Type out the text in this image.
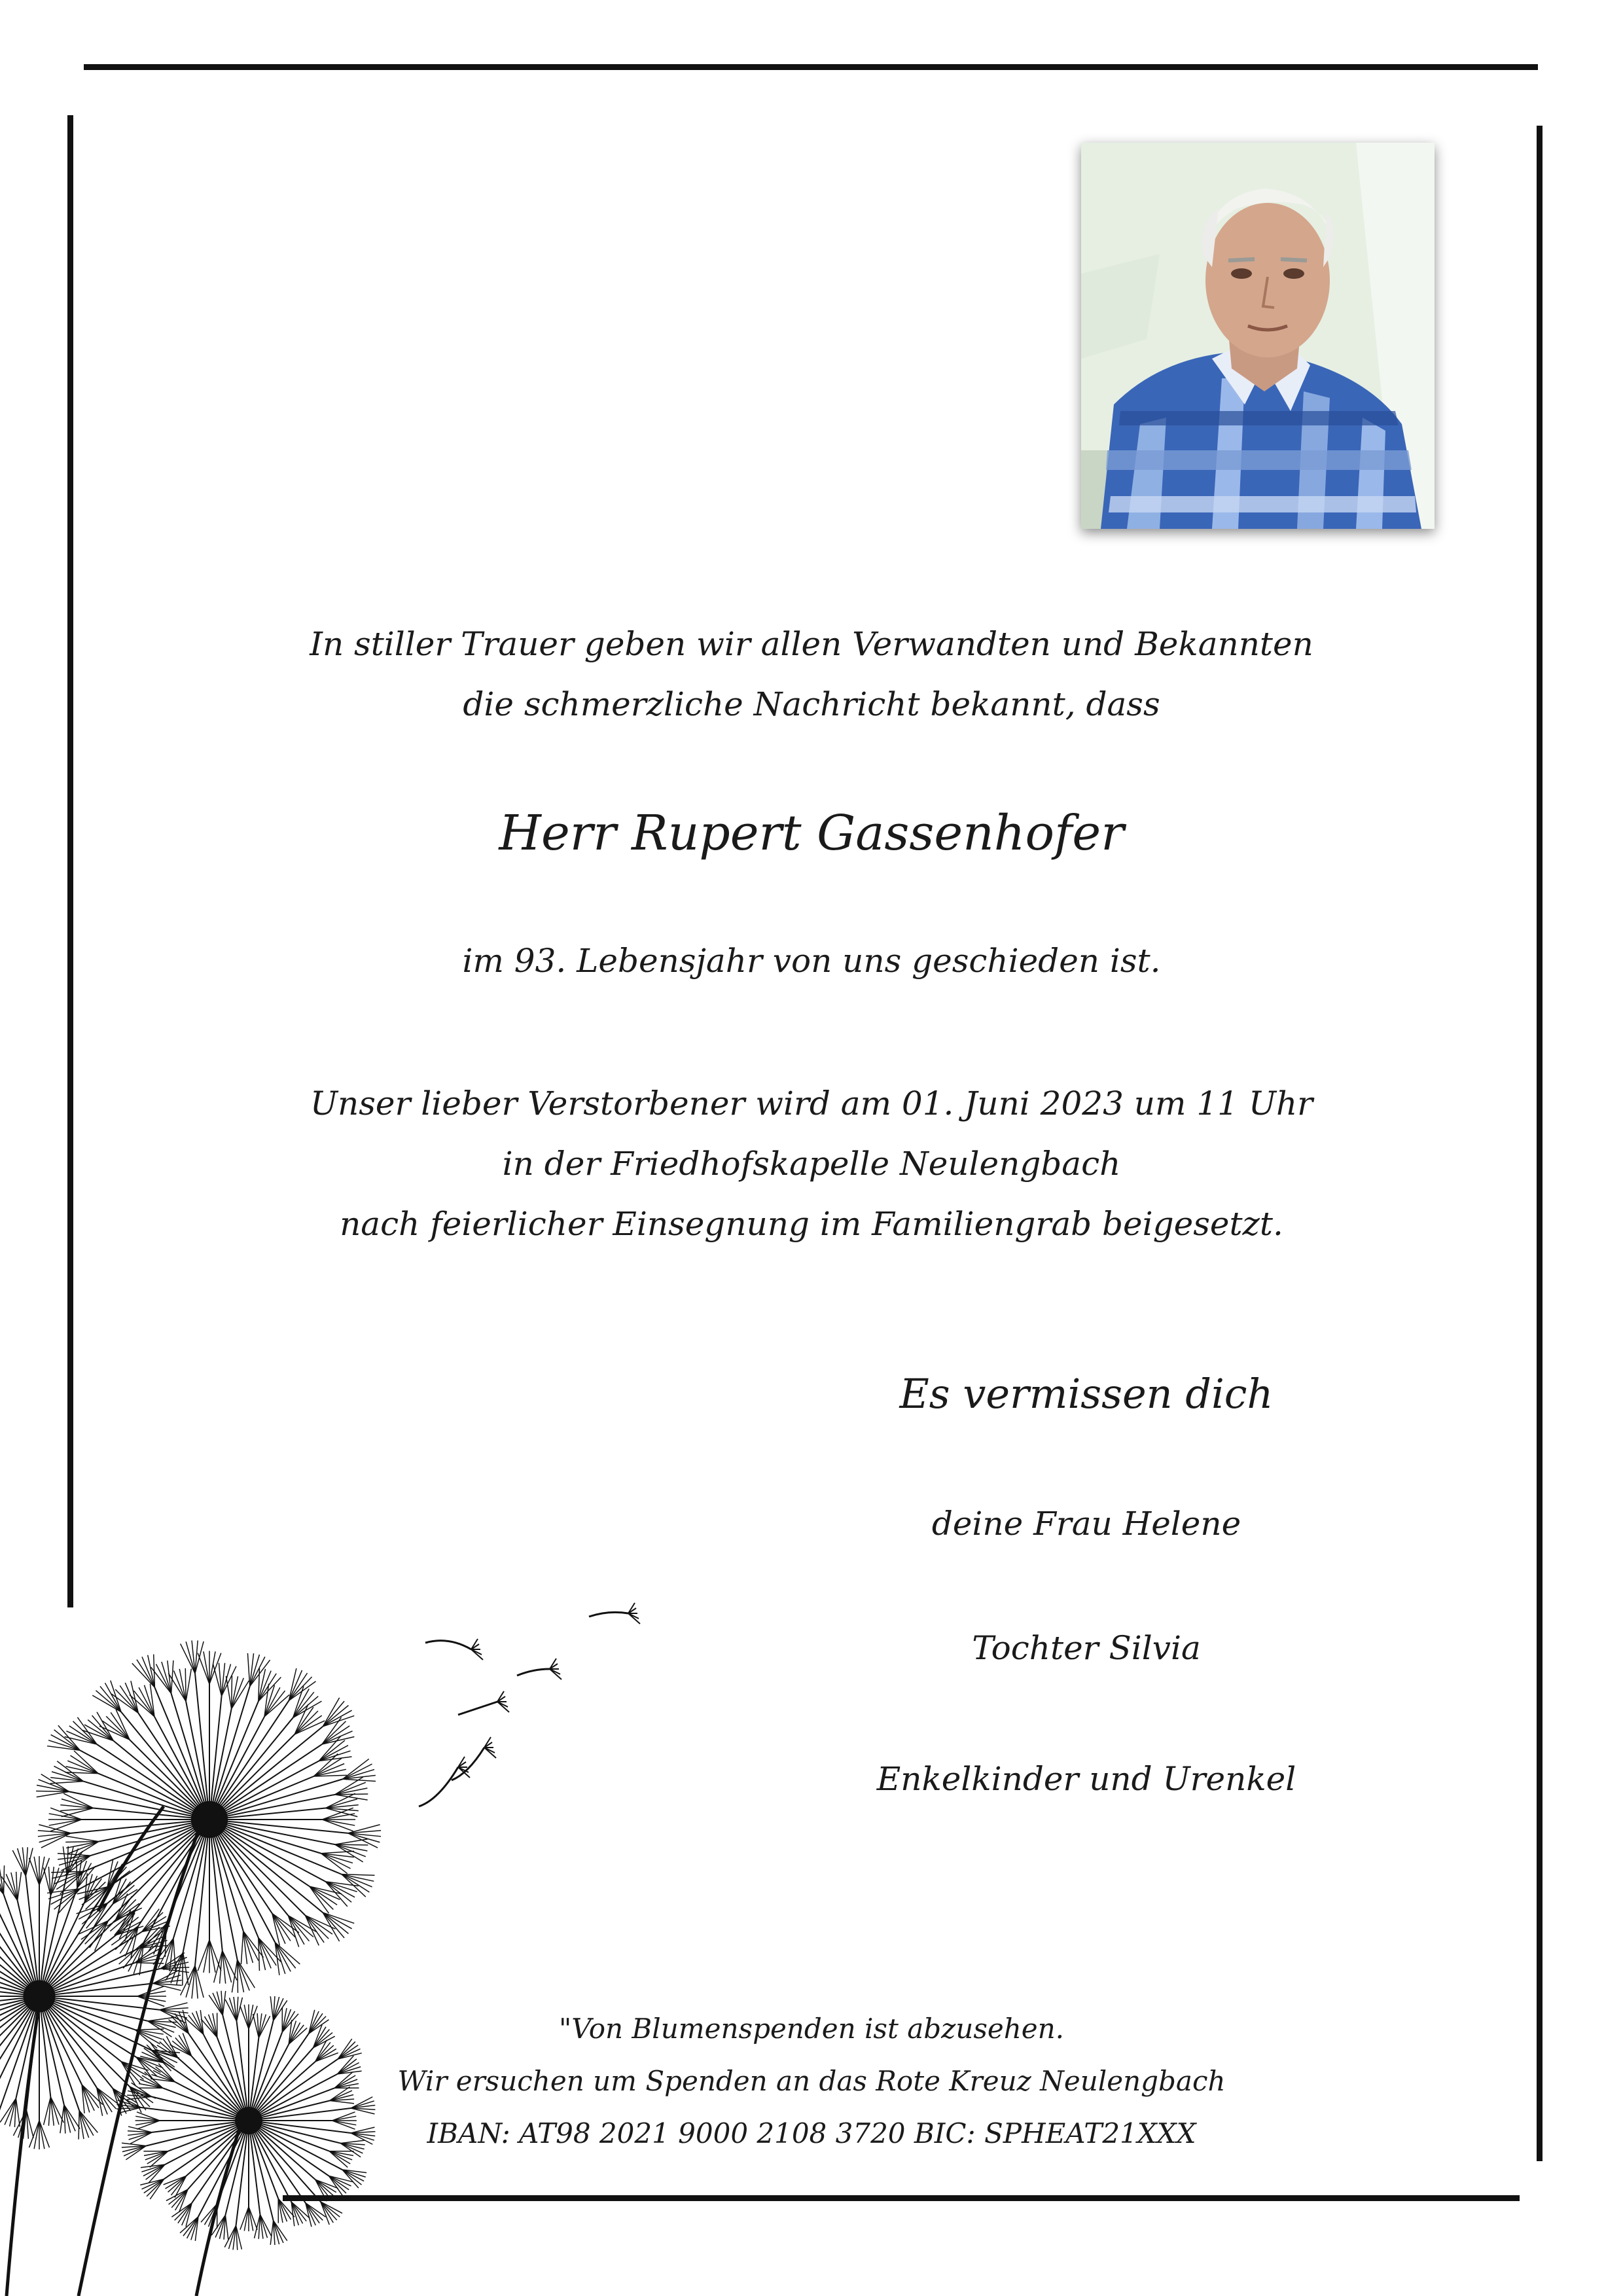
In stiller Trauer geben wir allen Verwandten und Bekannten
die schmerzliche Nachricht bekannt, dass
Herr Rupert Gassenhofer
im 93. Lebensjahr von uns geschieden ist.
Unser lieber Verstorbener wird am 01. Juni 2023 um 11 Uhr
in der Friedhofskapelle Neulengbach
nach feierlicher Einsegnung im Familiengrab beigesetzt.
Es vermissen dich
deine Frau Helene
Tochter Silvia
Enkelkinder und Urenkel
"Von Blumenspenden ist abzusehen.
Wir ersuchen um Spenden an das Rote Kreuz Neulengbach
IBAN: AT98 2021 9000 2108 3720 BIC: SPHEAT21XXX
